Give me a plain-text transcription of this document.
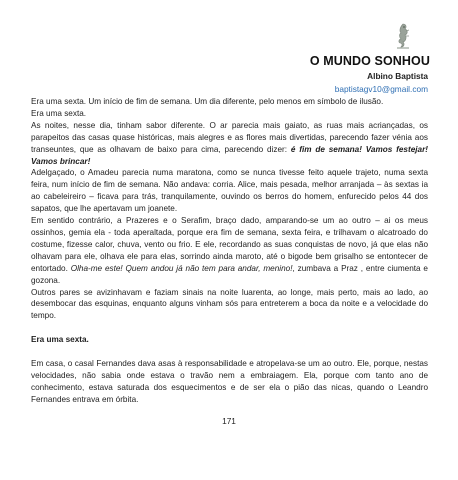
O MUNDO SONHOU
Albino Baptista
baptistagv10@gmail.com

Era uma sexta. Um início de fim de semana. Um dia diferente, pelo menos em símbolo de ilusão.

Era uma sexta.

As noites, nesse dia, tinham sabor diferente. O ar parecia mais gaiato, as ruas mais acriançadas, os parapeitos das casas quase históricas, mais alegres e as flores mais divertidas, parecendo fazer vénia aos transeuntes, que as olhavam de baixo para cima, parecendo dizer: é fim de semana! Vamos festejar! Vamos brincar!

Adelgaçado, o Amadeu parecia numa maratona, como se nunca tivesse feito aquele trajeto, numa sexta feira, num início de fim de semana. Não andava: corria. Alice, mais pesada, melhor arranjada – às sextas ia ao cabeleireiro – ficava para trás, tranquilamente, ouvindo os berros do homem, enfurecido pelos 44 dos sapatos, que lhe apertavam um joanete.

Em sentido contrário, a Prazeres e o Serafim, braço dado, amparando-se um ao outro – ai os meus ossinhos, gemia ela - toda aperaltada, porque era fim de semana, sexta feira, e trilhavam o alcatroado do costume, fizesse calor, chuva, vento ou frio. E ele, recordando as suas conquistas de novo, já que elas não olhavam para ele, olhava ele para elas, sorrindo ainda maroto, até o bigode bem grisalho se entontecer de entortado. Olha-me este! Quem andou já não tem para andar, menino!, zumbava a Praz , entre ciumenta e gozona.

Outros pares se avizinhavam e faziam sinais na noite luarenta, ao longe, mais perto, mais ao lado, ao desembocar das esquinas, enquanto alguns vinham sós para entreterem a boca da noite e a velocidade do tempo.

Era uma sexta.

Em casa, o casal Fernandes dava asas à responsabilidade e atropelava-se um ao outro. Ele, porque, nestas velocidades, não sabia onde estava o travão nem a embraiagem. Ela, porque com tanto ano de conhecimento, estava saturada dos esquecimentos e de ser ela o pião das nicas, quando o Leandro Fernandes entrava em órbita.

171
